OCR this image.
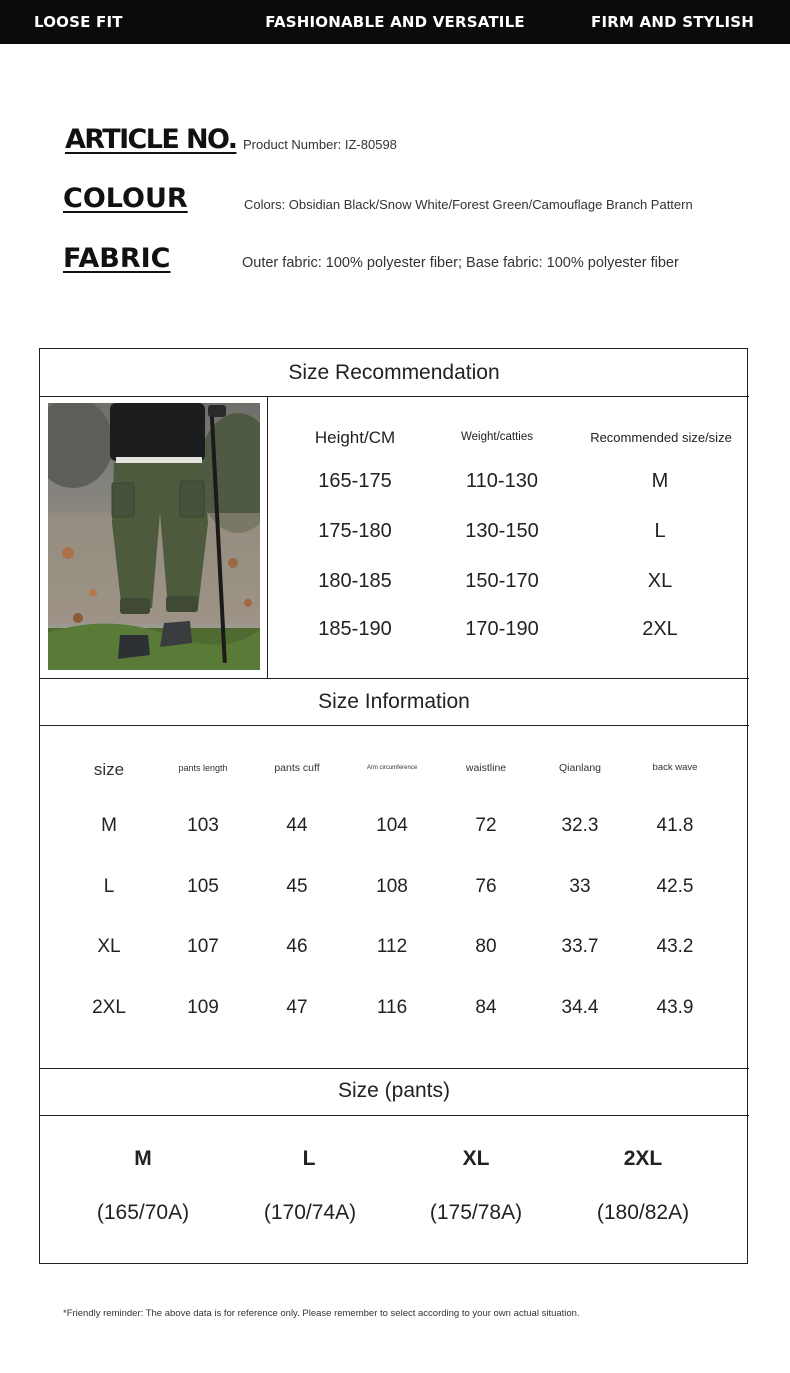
LOOSE FIT	FASHIONABLE AND VERSATILE	FIRM AND STYLISH
ARTICLE NO. Product Number: IZ-80598
COLOUR	Colors: Obsidian Black/Snow White/Forest Green/Camouflage Branch Pattern
FABRIC	Outer fabric: 100% polyester fiber; Base fabric: 100% polyester fiber
Size Recommendation
Height/CM	Weight/catties	Recommended size/size
165-175	110-130	M
175-180	130-150	L
180-185	150-170	XL
185-190	170-190	2XL
Size Information
size	pants length	pants cuff	Arm circumference	waistline	Qianlang	back wave
M	103	44	104	72	32.3	41.8
L	105	45	108	76	33	42.5
XL	107	46	112	80	33.7	43.2
2XL	109	47	116	84	34.4	43.9
Size (pants)
M	L	XL	2XL
(165/70A)	(170/74A)	(175/78A)	(180/82A)
*Friendly reminder: The above data is for reference only. Please remember to select according to your own actual situation.
